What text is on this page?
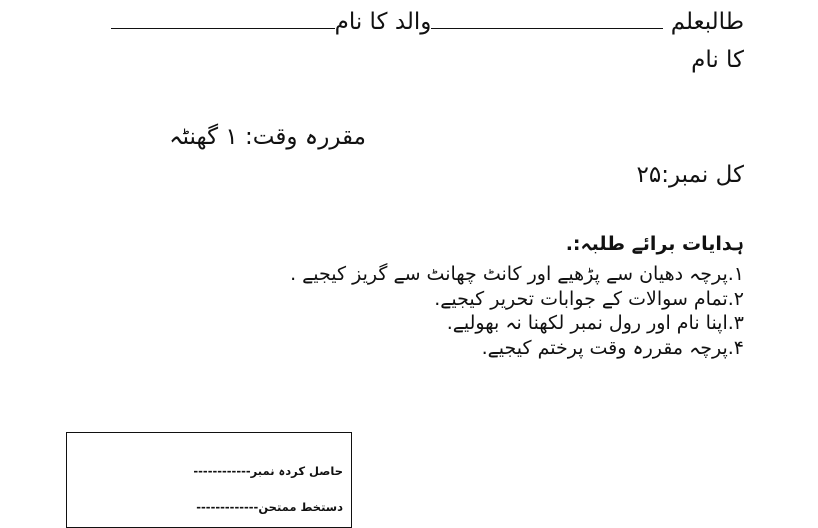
طالبعلم والد کا نام
کا نام
مقررہ وقت: ۱ گھنٹہ
کل نمبر:۲۵
ہدایات برائے طلبہ:.
۱.پرچہ دھیان سے پڑھیے اور کانٹ چھانٹ سے گریز کیجیے .
۲.تمام سوالات کے جوابات تحریر کیجیے.
۳.اپنا نام اور رول نمبر لکھنا نہ بھولیے.
۴.پرچہ مقررہ وقت پرختم کیجیے.
حاصل کردہ نمبر------------
دستخط ممتحن-------------
